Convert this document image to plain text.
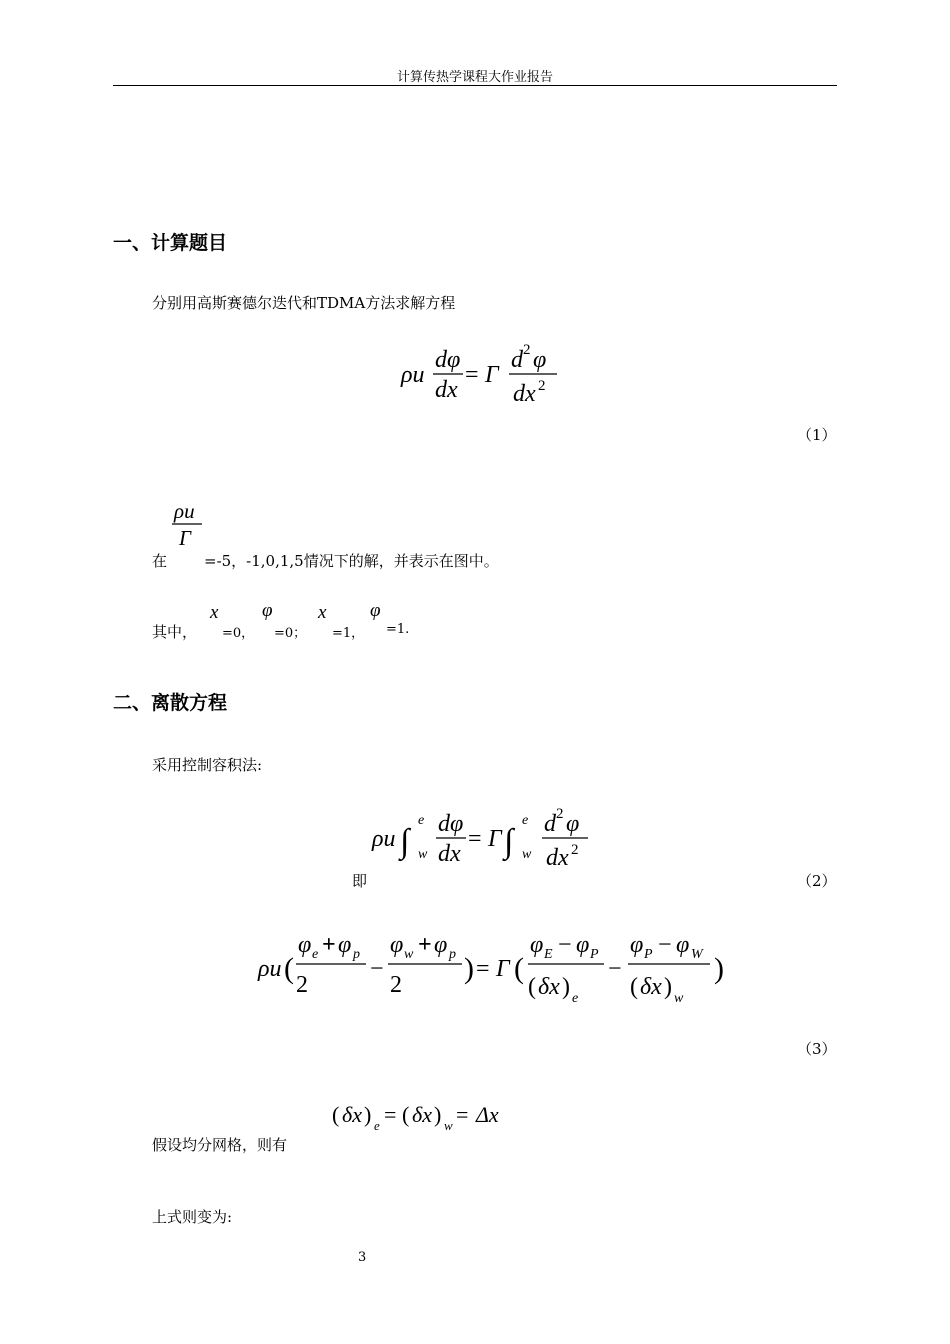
计算传热学课程大作业报告
一、计算题目
分别用高斯赛德尔迭代和TDMA方法求解方程
ρu
dφ
dx
= Γ
d 2 φ
dx 2
（1）
ρu
Γ
在 =-5，-1,0,1,5情况下的解，并表示在图中。
其中，
x
=0，
φ
=0；
x
=1，
φ
=1.
二、离散方程
采用控制容积法:
ρu ∫
e
w
dφ
dx
= Γ ∫
e
w
d 2 φ
dx 2
即	（2）
ρu (
φ e + φ p
2
−
φ w + φ p
2 ) = Γ (
φ E − φ P
( δx ) e
−
φ P − φ W
( δx ) w
)
（3）
( δx ) e = ( δx ) w = Δx
假设均分网格，则有
上式则变为:
3
